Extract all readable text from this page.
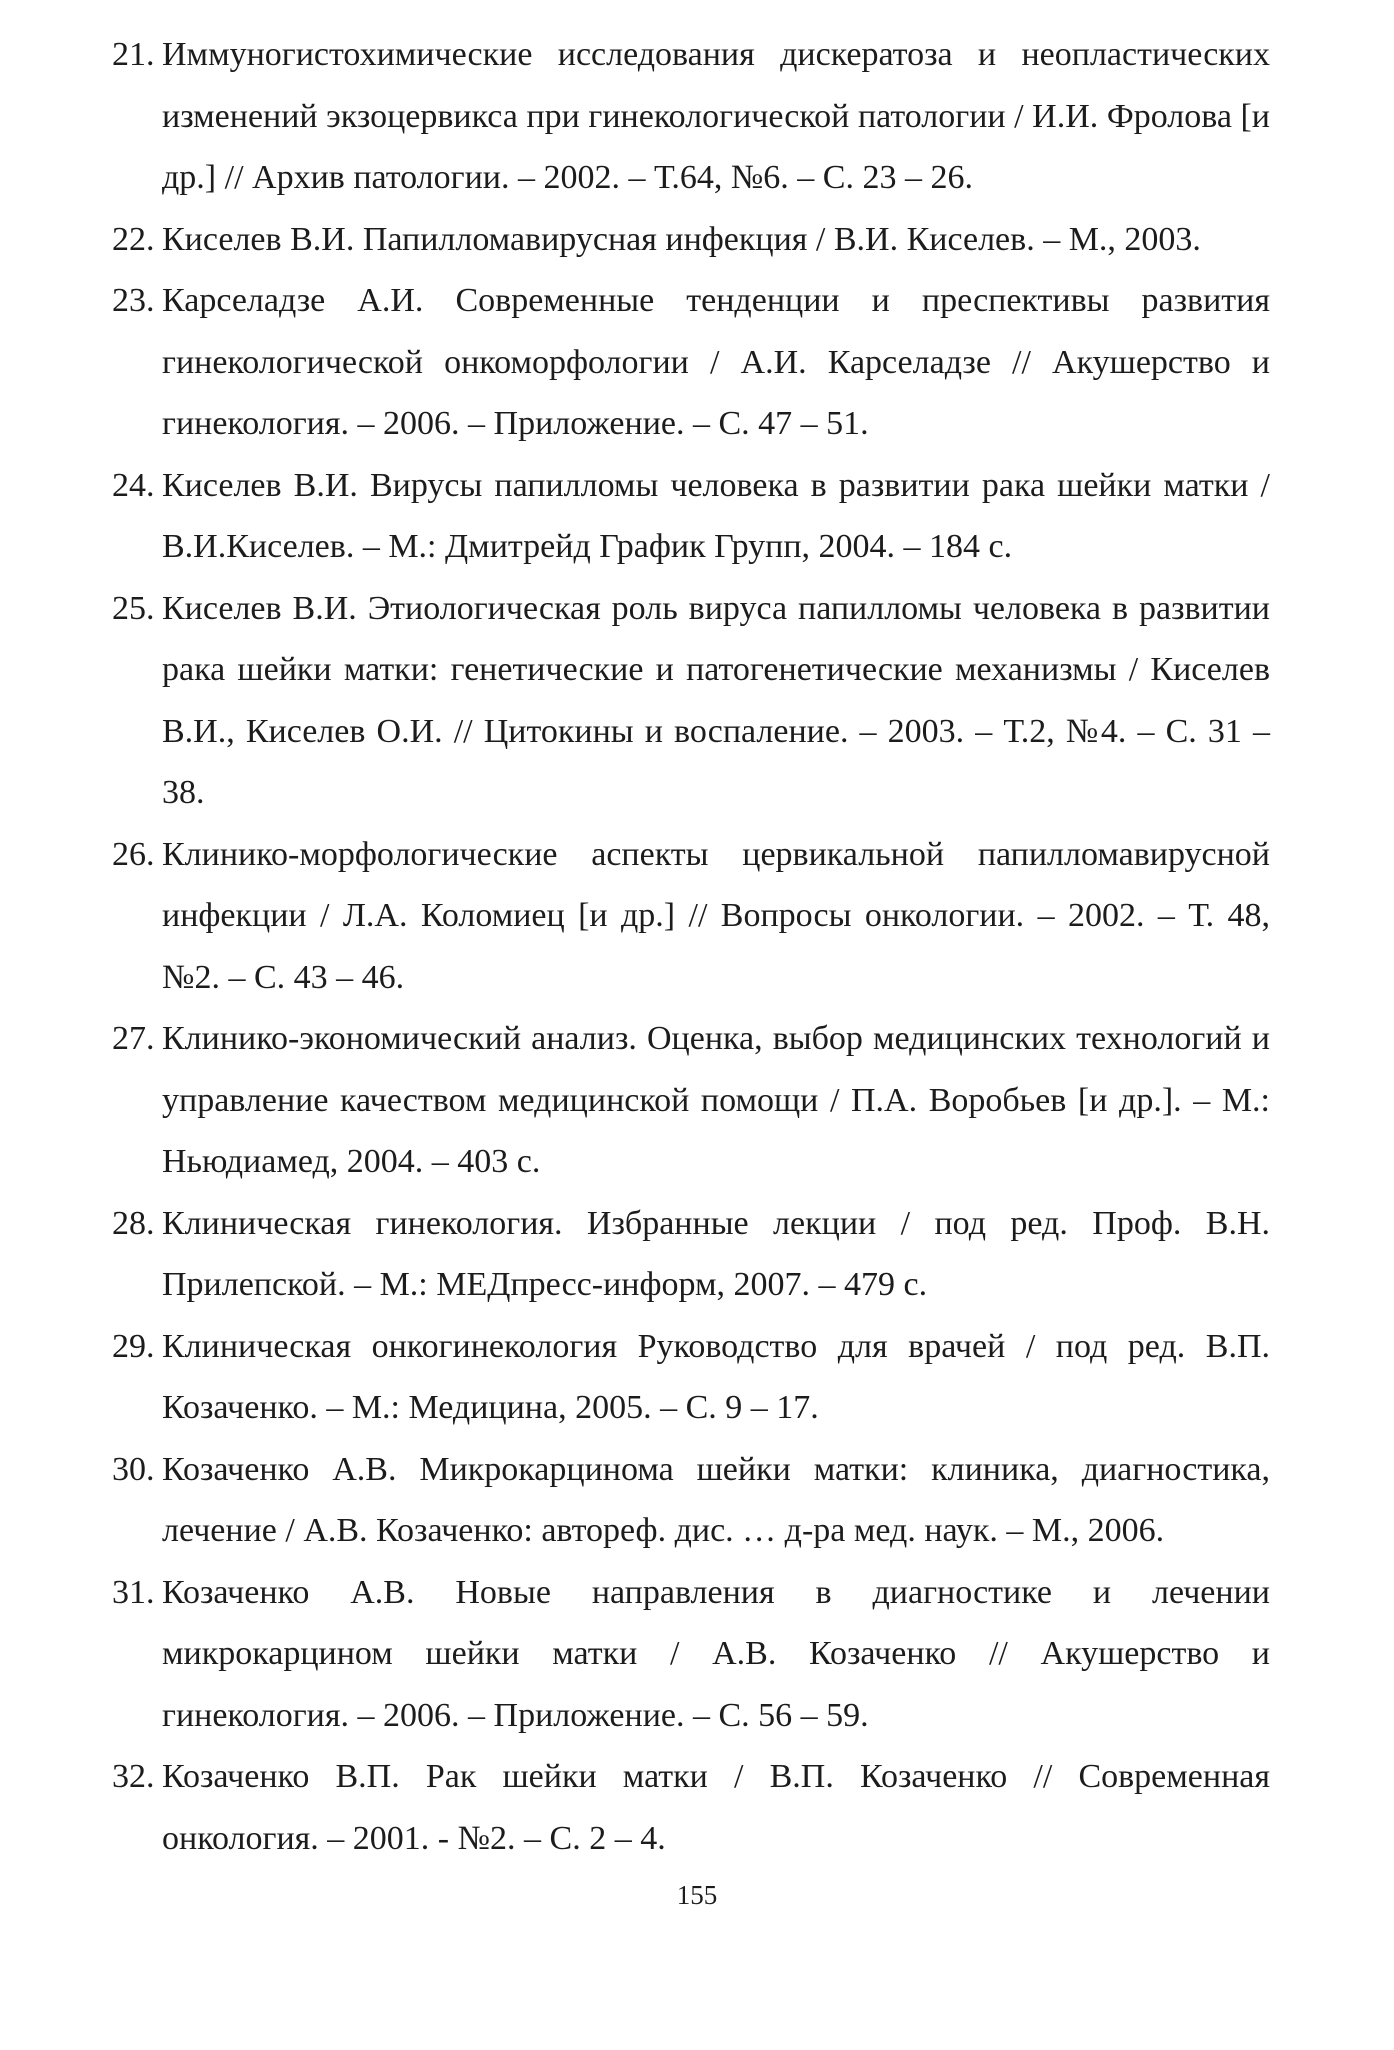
21. Иммуногистохимические исследования дискератоза и неопластических изменений экзоцервикса при гинекологической патологии / И.И. Фролова [и др.] // Архив патологии. – 2002. – Т.64, №6. – С. 23 – 26.
22. Киселев В.И. Папилломавирусная инфекция / В.И. Киселев. – М., 2003.
23. Карселадзе А.И. Современные тенденции и преспективы развития гинекологической онкоморфологии / А.И. Карселадзе // Акушерство и гинекология. – 2006. – Приложение. – С. 47 – 51.
24. Киселев В.И. Вирусы папилломы человека в развитии рака шейки матки / В.И.Киселев. – М.: Дмитрейд График Групп, 2004. – 184 с.
25. Киселев В.И. Этиологическая роль вируса папилломы человека в развитии рака шейки матки: генетические и патогенетические механизмы / Киселев В.И., Киселев О.И. // Цитокины и воспаление. – 2003. – Т.2, №4. – С. 31 – 38.
26. Клинико-морфологические аспекты цервикальной папилломавирусной инфекции / Л.А. Коломиец [и др.] // Вопросы онкологии. – 2002. – Т. 48, №2. – С. 43 – 46.
27. Клинико-экономический анализ. Оценка, выбор медицинских технологий и управление качеством медицинской помощи / П.А. Воробьев [и др.]. – М.: Ньюдиамед, 2004. – 403 с.
28. Клиническая гинекология. Избранные лекции / под ред. Проф. В.Н. Прилепской. – М.: МЕДпресс-информ, 2007. – 479 с.
29. Клиническая онкогинекология Руководство для врачей / под ред. В.П. Козаченко. – М.: Медицина, 2005. – С. 9 – 17.
30. Козаченко А.В. Микрокарцинома шейки матки: клиника, диагностика, лечение / А.В. Козаченко: автореф. дис. … д-ра мед. наук. – М., 2006.
31. Козаченко А.В. Новые направления в диагностике и лечении микрокарцином шейки матки / А.В. Козаченко // Акушерство и гинекология. – 2006. – Приложение. – С. 56 – 59.
32. Козаченко В.П. Рак шейки матки / В.П. Козаченко // Современная онкология. – 2001. - №2. – С. 2 – 4.
155
